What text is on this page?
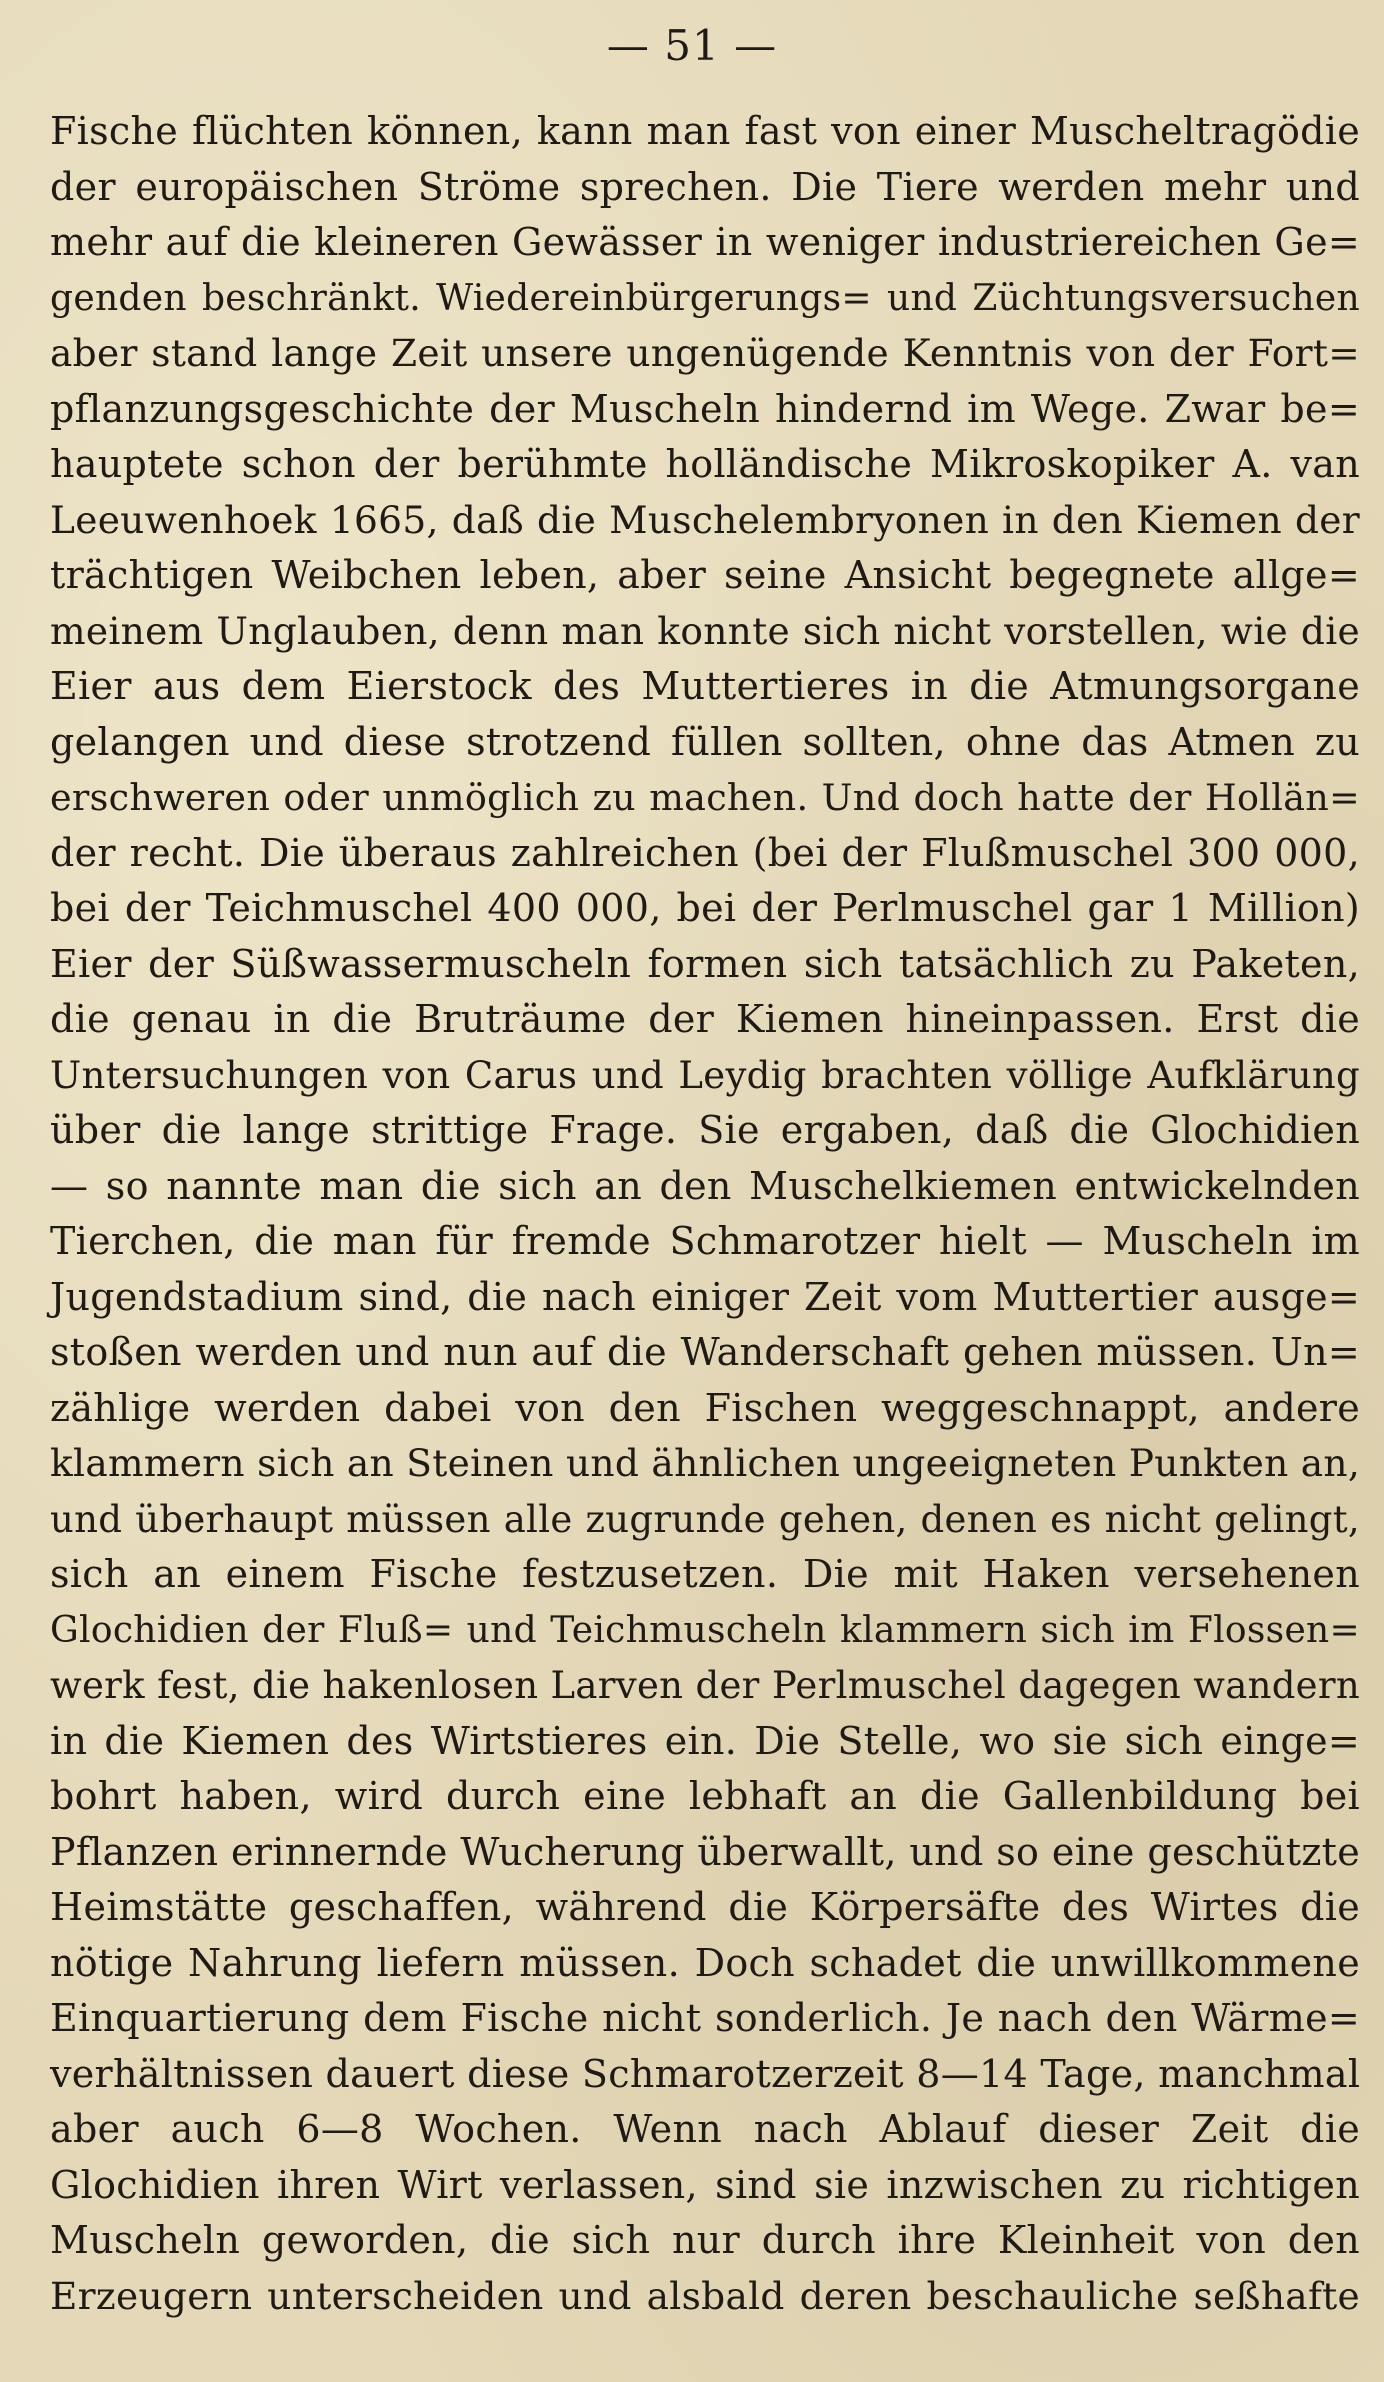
— 51 —
Fische flüchten können, kann man fast von einer Muscheltragödie
der europäischen Ströme sprechen. Die Tiere werden mehr und
mehr auf die kleineren Gewässer in weniger industriereichen Ge=
genden beschränkt. Wiedereinbürgerungs= und Züchtungsversuchen
aber stand lange Zeit unsere ungenügende Kenntnis von der Fort=
pflanzungsgeschichte der Muscheln hindernd im Wege. Zwar be=
hauptete schon der berühmte holländische Mikroskopiker A. van
Leeuwenhoek 1665, daß die Muschelembryonen in den Kiemen der
trächtigen Weibchen leben, aber seine Ansicht begegnete allge=
meinem Unglauben, denn man konnte sich nicht vorstellen, wie die
Eier aus dem Eierstock des Muttertieres in die Atmungsorgane
gelangen und diese strotzend füllen sollten, ohne das Atmen zu
erschweren oder unmöglich zu machen. Und doch hatte der Hollän=
der recht. Die überaus zahlreichen (bei der Flußmuschel 300 000,
bei der Teichmuschel 400 000, bei der Perlmuschel gar 1 Million)
Eier der Süßwassermuscheln formen sich tatsächlich zu Paketen,
die genau in die Bruträume der Kiemen hineinpassen. Erst die
Untersuchungen von Carus und Leydig brachten völlige Aufklärung
über die lange strittige Frage. Sie ergaben, daß die Glochidien
— so nannte man die sich an den Muschelkiemen entwickelnden
Tierchen, die man für fremde Schmarotzer hielt — Muscheln im
Jugendstadium sind, die nach einiger Zeit vom Muttertier ausge=
stoßen werden und nun auf die Wanderschaft gehen müssen. Un=
zählige werden dabei von den Fischen weggeschnappt, andere
klammern sich an Steinen und ähnlichen ungeeigneten Punkten an,
und überhaupt müssen alle zugrunde gehen, denen es nicht gelingt,
sich an einem Fische festzusetzen. Die mit Haken versehenen
Glochidien der Fluß= und Teichmuscheln klammern sich im Flossen=
werk fest, die hakenlosen Larven der Perlmuschel dagegen wandern
in die Kiemen des Wirtstieres ein. Die Stelle, wo sie sich einge=
bohrt haben, wird durch eine lebhaft an die Gallenbildung bei
Pflanzen erinnernde Wucherung überwallt, und so eine geschützte
Heimstätte geschaffen, während die Körpersäfte des Wirtes die
nötige Nahrung liefern müssen. Doch schadet die unwillkommene
Einquartierung dem Fische nicht sonderlich. Je nach den Wärme=
verhältnissen dauert diese Schmarotzerzeit 8—14 Tage, manchmal
aber auch 6—8 Wochen. Wenn nach Ablauf dieser Zeit die
Glochidien ihren Wirt verlassen, sind sie inzwischen zu richtigen
Muscheln geworden, die sich nur durch ihre Kleinheit von den
Erzeugern unterscheiden und alsbald deren beschauliche seßhafte
